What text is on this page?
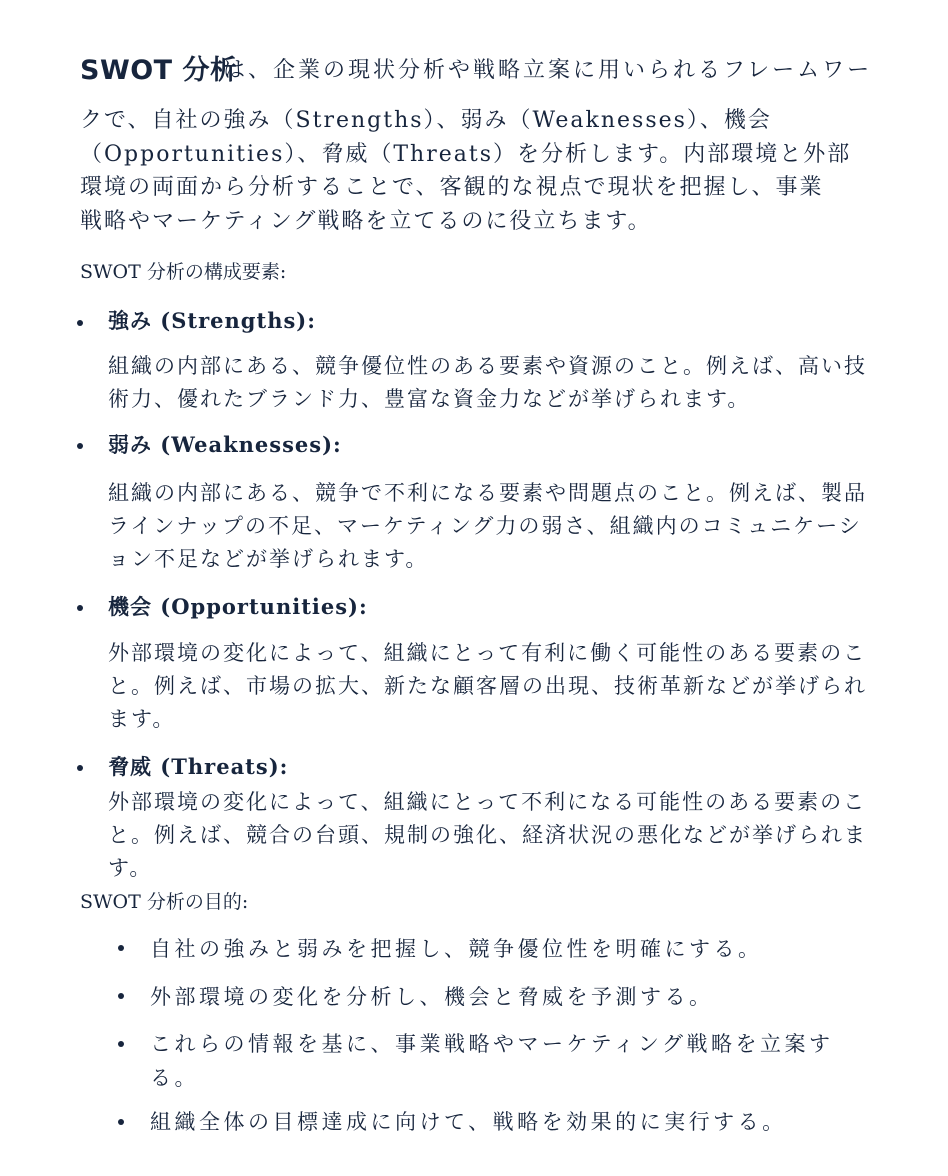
SWOT 分析

は、企業の現状分析や戦略立案に用いられるフレームワー

クで、自社の強み（Strengths）、弱み（Weaknesses）、機会

（Opportunities）、脅威（Threats）を分析します。内部環境と外部

環境の両面から分析することで、客観的な視点で現状を把握し、事業

戦略やマーケティング戦略を立てるのに役立ちます。

SWOT 分析の構成要素:

強み (Strengths):

組織の内部にある、競争優位性のある要素や資源のこと。例えば、高い技

術力、優れたブランド力、豊富な資金力などが挙げられます。

弱み (Weaknesses):

組織の内部にある、競争で不利になる要素や問題点のこと。例えば、製品

ラインナップの不足、マーケティング力の弱さ、組織内のコミュニケーシ

ョン不足などが挙げられます。

機会 (Opportunities):

外部環境の変化によって、組織にとって有利に働く可能性のある要素のこ

と。例えば、市場の拡大、新たな顧客層の出現、技術革新などが挙げられ

ます。

脅威 (Threats):

外部環境の変化によって、組織にとって不利になる可能性のある要素のこ

と。例えば、競合の台頭、規制の強化、経済状況の悪化などが挙げられま

す。

SWOT 分析の目的:

自社の強みと弱みを把握し、競争優位性を明確にする。

外部環境の変化を分析し、機会と脅威を予測する。

これらの情報を基に、事業戦略やマーケティング戦略を立案す

る。

組織全体の目標達成に向けて、戦略を効果的に実行する。
